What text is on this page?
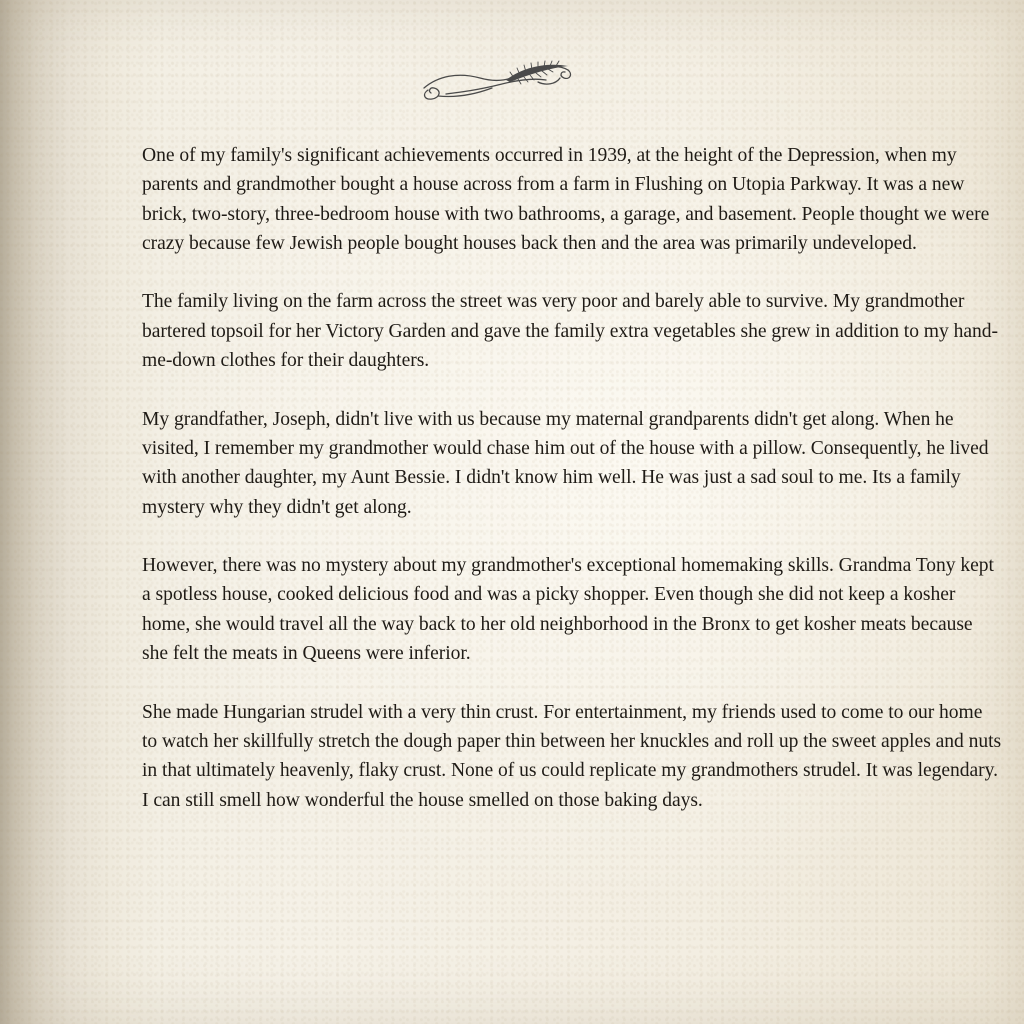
One of my family's significant achievements occurred in 1939, at the height of the Depression, when my parents and grandmother bought a house across from a farm in Flushing on Utopia Parkway. It was a new brick, two-story, three-bedroom house with two bathrooms, a garage, and basement. People thought we were crazy because few Jewish people bought houses back then and the area was primarily undeveloped.

The family living on the farm across the street was very poor and barely able to survive. My grandmother bartered topsoil for her Victory Garden and gave the family extra vegetables she grew in addition to my hand-me-down clothes for their daughters.

My grandfather, Joseph, didn't live with us because my maternal grandparents didn't get along. When he visited, I remember my grandmother would chase him out of the house with a pillow. Consequently, he lived with another daughter, my Aunt Bessie. I didn't know him well. He was just a sad soul to me. Its a family mystery why they didn't get along.

However, there was no mystery about my grandmother's exceptional homemaking skills. Grandma Tony kept a spotless house, cooked delicious food and was a picky shopper. Even though she did not keep a kosher home, she would travel all the way back to her old neighborhood in the Bronx to get kosher meats because she felt the meats in Queens were inferior.

She made Hungarian strudel with a very thin crust. For entertainment, my friends used to come to our home to watch her skillfully stretch the dough paper thin between her knuckles and roll up the sweet apples and nuts in that ultimately heavenly, flaky crust. None of us could replicate my grandmothers strudel. It was legendary. I can still smell how wonderful the house smelled on those baking days.
